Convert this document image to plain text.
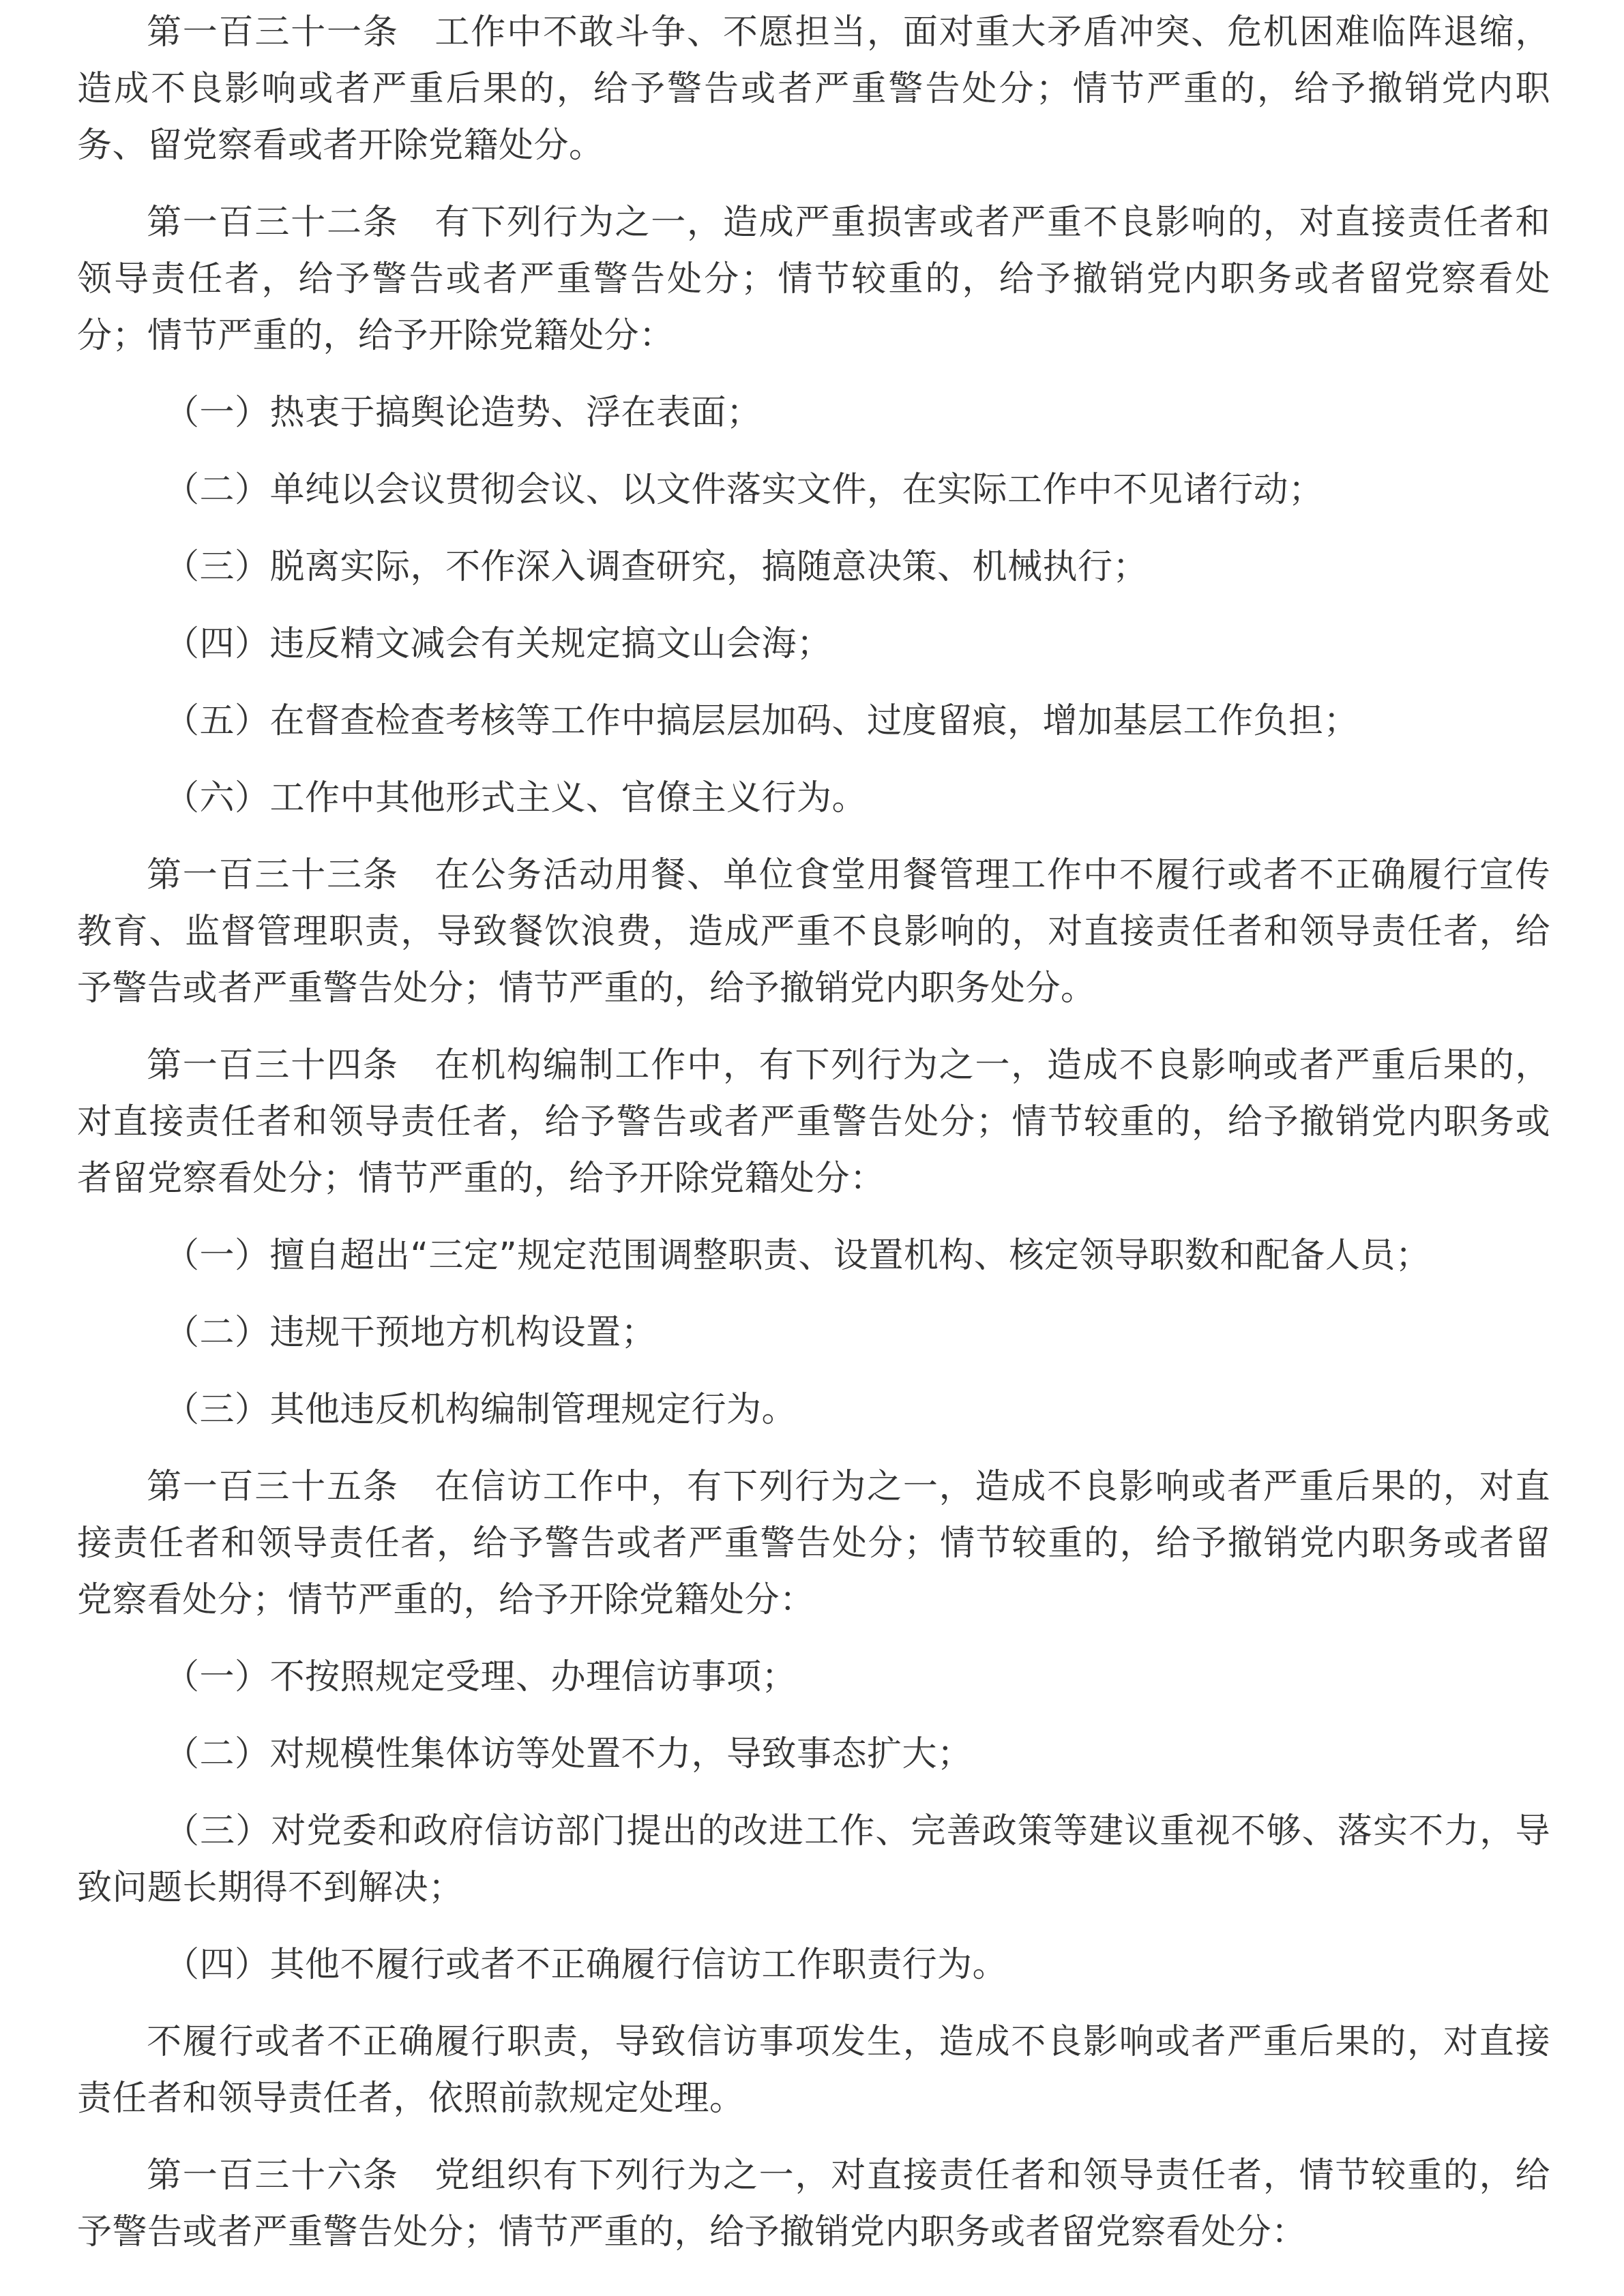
第一百三十一条　工作中不敢斗争、不愿担当，面对重大矛盾冲突、危机困难临阵退缩，造成不良影响或者严重后果的，给予警告或者严重警告处分；情节严重的，给予撤销党内职务、留党察看或者开除党籍处分。

第一百三十二条　有下列行为之一，造成严重损害或者严重不良影响的，对直接责任者和领导责任者，给予警告或者严重警告处分；情节较重的，给予撤销党内职务或者留党察看处分；情节严重的，给予开除党籍处分：

（一）热衷于搞舆论造势、浮在表面；

（二）单纯以会议贯彻会议、以文件落实文件，在实际工作中不见诸行动；

（三）脱离实际，不作深入调查研究，搞随意决策、机械执行；

（四）违反精文减会有关规定搞文山会海；

（五）在督查检查考核等工作中搞层层加码、过度留痕，增加基层工作负担；

（六）工作中其他形式主义、官僚主义行为。

第一百三十三条　在公务活动用餐、单位食堂用餐管理工作中不履行或者不正确履行宣传教育、监督管理职责，导致餐饮浪费，造成严重不良影响的，对直接责任者和领导责任者，给予警告或者严重警告处分；情节严重的，给予撤销党内职务处分。

第一百三十四条　在机构编制工作中，有下列行为之一，造成不良影响或者严重后果的，对直接责任者和领导责任者，给予警告或者严重警告处分；情节较重的，给予撤销党内职务或者留党察看处分；情节严重的，给予开除党籍处分：

（一）擅自超出“三定”规定范围调整职责、设置机构、核定领导职数和配备人员；

（二）违规干预地方机构设置；

（三）其他违反机构编制管理规定行为。

第一百三十五条　在信访工作中，有下列行为之一，造成不良影响或者严重后果的，对直接责任者和领导责任者，给予警告或者严重警告处分；情节较重的，给予撤销党内职务或者留党察看处分；情节严重的，给予开除党籍处分：

（一）不按照规定受理、办理信访事项；

（二）对规模性集体访等处置不力，导致事态扩大；

（三）对党委和政府信访部门提出的改进工作、完善政策等建议重视不够、落实不力，导致问题长期得不到解决；

（四）其他不履行或者不正确履行信访工作职责行为。

不履行或者不正确履行职责，导致信访事项发生，造成不良影响或者严重后果的，对直接责任者和领导责任者，依照前款规定处理。

第一百三十六条　党组织有下列行为之一，对直接责任者和领导责任者，情节较重的，给予警告或者严重警告处分；情节严重的，给予撤销党内职务或者留党察看处分：
